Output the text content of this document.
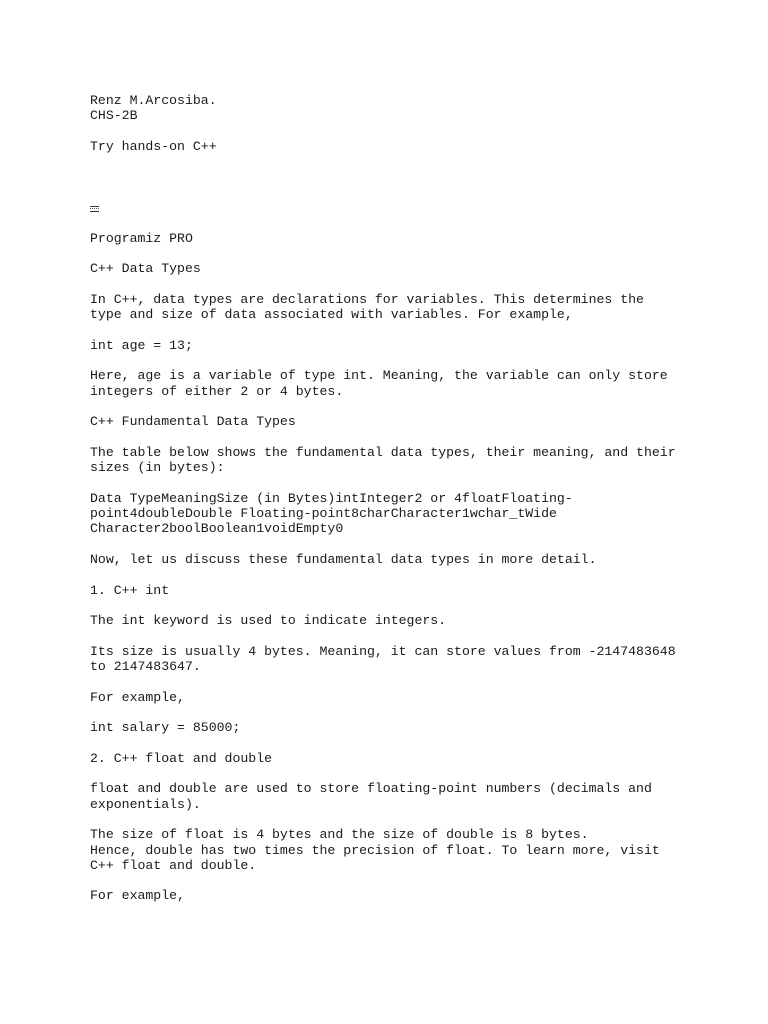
Renz M.Arcosiba.
CHS-2B
Try hands-on C++
Programiz PRO
C++ Data Types
In C++, data types are declarations for variables. This determines the
type and size of data associated with variables. For example,
int age = 13;
Here, age is a variable of type int. Meaning, the variable can only store
integers of either 2 or 4 bytes.
C++ Fundamental Data Types
The table below shows the fundamental data types, their meaning, and their
sizes (in bytes):
Data TypeMeaningSize (in Bytes)intInteger2 or 4floatFloating-
point4doubleDouble Floating-point8charCharacter1wchar_tWide
Character2boolBoolean1voidEmpty0
Now, let us discuss these fundamental data types in more detail.
1. C++ int
The int keyword is used to indicate integers.
Its size is usually 4 bytes. Meaning, it can store values from -2147483648
to 2147483647.
For example,
int salary = 85000;
2. C++ float and double
float and double are used to store floating-point numbers (decimals and
exponentials).
The size of float is 4 bytes and the size of double is 8 bytes.
Hence, double has two times the precision of float. To learn more, visit
C++ float and double.
For example,
